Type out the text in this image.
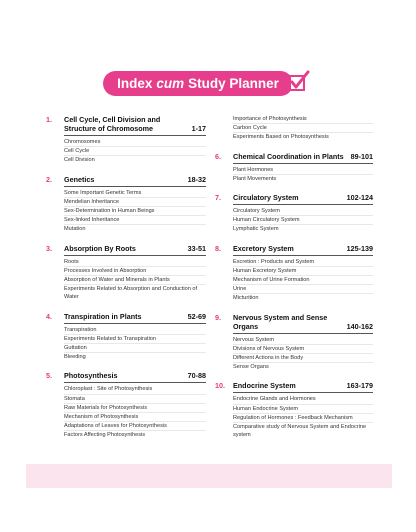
Index cum Study Planner
1.	Cell Cycle, Cell Division and Structure of Chromosome	1-17
Chromosomes
Cell Cycle
Cell Division
2.	Genetics	18-32
Some Important Genetic Terms
Mendelian Inheritance
Sex-Determination in Human Beings
Sex-linked Inheritance
Mutation
3.	Absorption By Roots	33-51
Roots
Processes Involved in Absorption
Absorption of Water and Minerals in Plants
Experiments Related to Absorption and Conduction of Water
4.	Transpiration in Plants	52-69
Transpiration
Experiments Related to Transpiration
Guttation
Bleeding
5.	Photosynthesis	70-88
Chloroplast : Site of Photosynthesis
Stomata
Raw Materials for Photosynthesis
Mechanism of Photosynthesis
Adaptations of Leaves for Photosynthesis
Factors Affecting Photosynthesis
Importance of Photosynthesis
Carbon Cycle
Experiments Based on Photosynthesis
6.	Chemical Coordination in Plants 89-101
Plant Hormones
Plant Movements
7.	Circulatory System	102-124
Circulatory System
Human Circulatory System
Lymphatic System
8.	Excretory System	125-139
Excretion : Products and System
Human Excretory System
Mechanism of Urine Formation
Urine
Micturition
9.	Nervous System and Sense Organs	140-162
Nervous System
Divisions of Nervous System
Different Actions in the Body
Sense Organs
10.	Endocrine System	163-179
Endocrine Glands and Hormones
Human Endocrine System
Regulation of Hormones : Feedback Mechanism
Comparative study of Nervous System and Endocrine system
